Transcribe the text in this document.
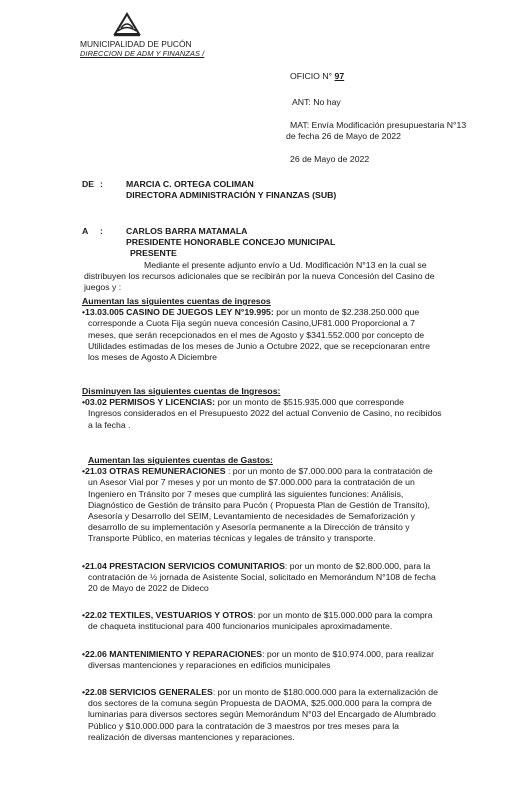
MUNICIPALIDAD DE PUCÓN
DIRECCION DE ADM Y FINANZAS /
OFICIO N° 97
ANT: No hay
MAT: Envía Modificación presupuestaria N°13
de fecha 26 de Mayo de 2022
26 de Mayo de 2022
DE :	MARCIA C. ORTEGA COLIMAN
DIRECTORA ADMINISTRACIÓN Y FINANZAS (SUB)
A	:	CARLOS BARRA MATAMALA
PRESIDENTE HONORABLE CONCEJO MUNICIPAL
PRESENTE
Mediante el presente adjunto envío a Ud. Modificación N°13 en la cual se
distribuyen los recursos adicionales que se recibirán por la nueva Concesión del Casino de
juegos y :
Aumentan las siguientes cuentas de ingresos
•13.03.005 CASINO DE JUEGOS LEY N°19.995: por un monto de $2.238.250.000 que
corresponde a Cuota Fija según nueva concesión Casino,UF81.000 Proporcional a 7
meses, que serán recepcionados en el mes de Agosto y $341.552.000 por concepto de
Utilidades estimadas de los meses de Junio a Octubre 2022, que se recepcionaran entre
los meses de Agosto A Diciembre
Disminuyen las siguientes cuentas de Ingresos:
•03.02 PERMISOS Y LICENCIAS: por un monto de $515.935.000 que corresponde
Ingresos considerados en el Presupuesto 2022 del actual Convenio de Casino, no recibidos
a la fecha .
Aumentan las siguientes cuentas de Gastos:
•21.03 OTRAS REMUNERACIONES : por un monto de $7.000.000 para la contratación de
un Asesor Vial por 7 meses y por un monto de $7.000.000 para la contratación de un
Ingeniero en Tránsito por 7 meses que cumplirá las siguientes funciones: Análisis,
Diagnóstico de Gestión de tránsito para Pucón ( Propuesta Plan de Gestión de Transito),
Asesoría y Desarrollo del SEIM, Levantamiento de necesidades de Semaforización y
desarrollo de su implementación y Asesoría permanente a la Dirección de tránsito y
Transporte Público, en materias técnicas y legales de tránsito y transporte.
•21.04 PRESTACION SERVICIOS COMUNITARIOS: por un monto de $2.800.000, para la
contratación de ½ jornada de Asistente Social, solicitado en Memorándum N°108 de fecha
20 de Mayo de 2022 de Dideco
•22.02 TEXTILES, VESTUARIOS Y OTROS: por un monto de $15.000.000 para la compra
de chaqueta institucional para 400 funcionarios municipales aproximadamente.
•22.06 MANTENIMIENTO Y REPARACIONES: por un monto de $10.974.000, para realizar
diversas mantenciones y reparaciones en edificios municipales
•22.08 SERVICIOS GENERALES: por un monto de $180.000.000 para la externalización de
dos sectores de la comuna según Propuesta de DAOMA, $25.000.000 para la compra de
luminarias para diversos sectores según Memorándum N°03 del Encargado de Alumbrado
Público y $10.000.000 para la contratación de 3 maestros por tres meses para la
realización de diversas mantenciones y reparaciones.
